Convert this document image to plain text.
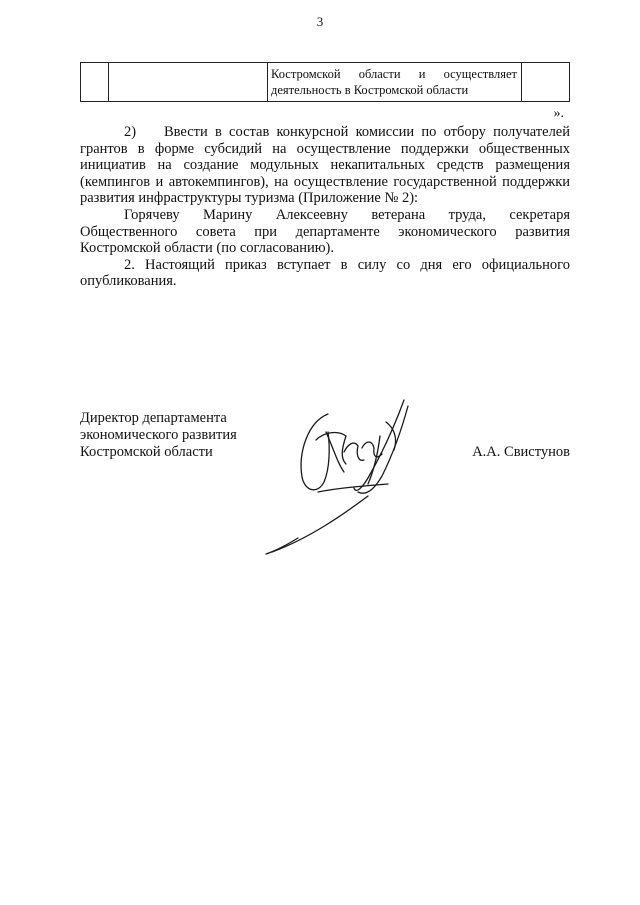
3
Костромской области и осуществляет
деятельность в Костромской области
».

2) Ввести в состав конкурсной комиссии по отбору получателей грантов в форме субсидий на осуществление поддержки общественных инициатив на создание модульных некапитальных средств размещения (кемпингов и автокемпингов), на осуществление государственной поддержки развития инфраструктуры туризма (Приложение № 2):

Горячеву Марину Алексеевну ветерана труда, секретаря Общественного совета при департаменте экономического развития Костромской области (по согласованию).

2. Настоящий приказ вступает в силу со дня его официального опубликования.

Директор департамента
экономического развития
Костромской области	А.А. Свистунов
